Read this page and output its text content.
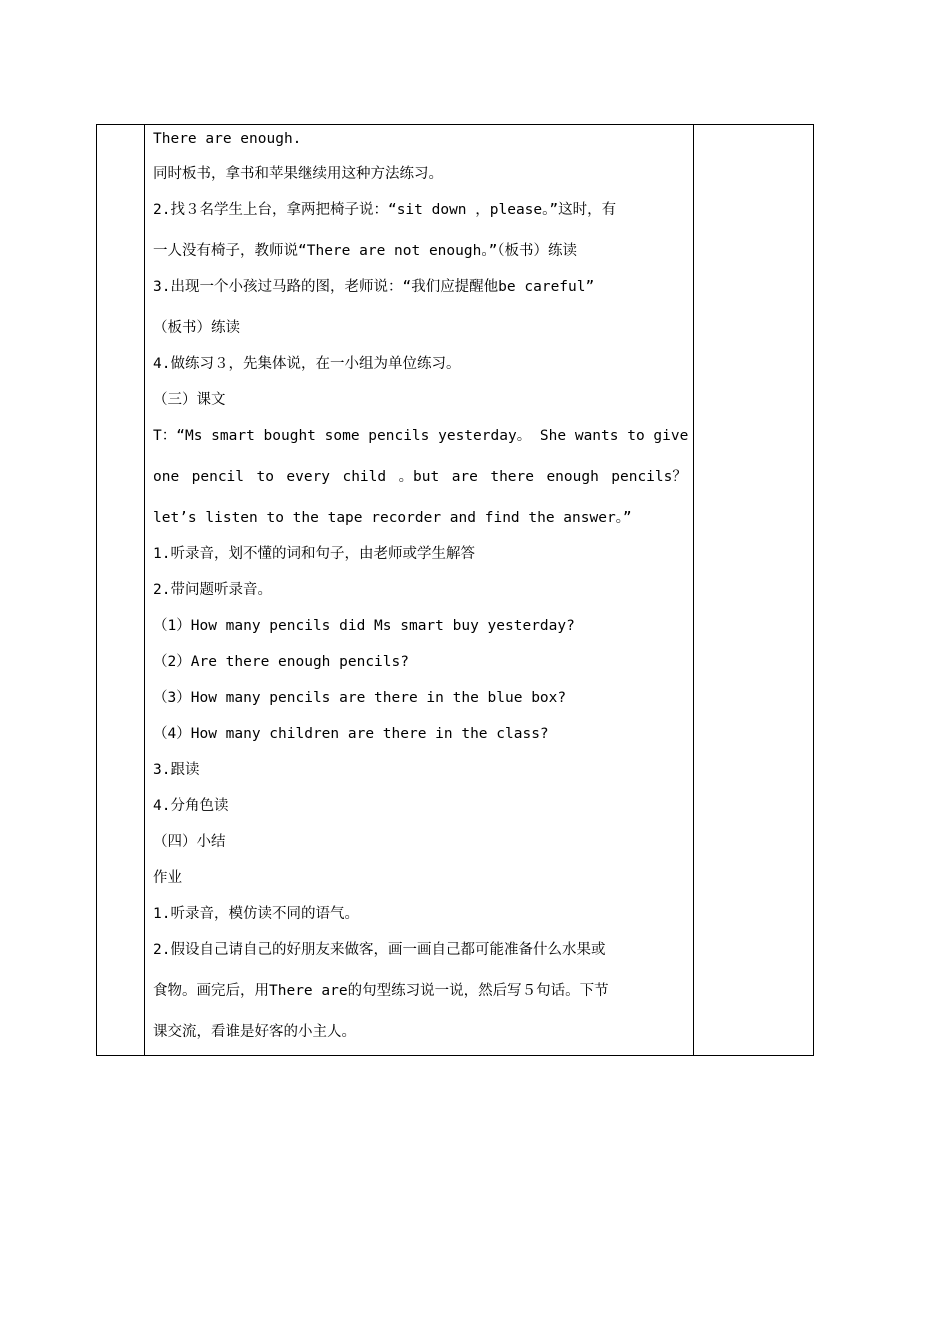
There are enough.
同时板书，拿书和苹果继续用这种方法练习。
2.找３名学生上台，拿两把椅子说：“sit down ，please。”这时，有
一人没有椅子，教师说“There are not enough。”（板书）练读
3.出现一个小孩过马路的图，老师说：“我们应提醒他be careful”
（板书）练读
4.做练习３，先集体说，在一小组为单位练习。
（三）课文
T：“Ms smart bought some pencils yesterday。 She wants to give
one pencil to every child 。but are there enough pencils？
let’s listen to the tape recorder and find the answer。”
1.听录音，划不懂的词和句子，由老师或学生解答
2.带问题听录音。
（1）How many pencils did Ms smart buy yesterday?
（2）Are there enough pencils?
（3）How many pencils are there in the blue box?
（4）How many children are there in the class?
3.跟读
4.分角色读
（四）小结
作业
1.听录音，模仿读不同的语气。
2.假设自己请自己的好朋友来做客，画一画自己都可能准备什么水果或
食物。画完后，用There are的句型练习说一说，然后写５句话。下节
课交流，看谁是好客的小主人。
